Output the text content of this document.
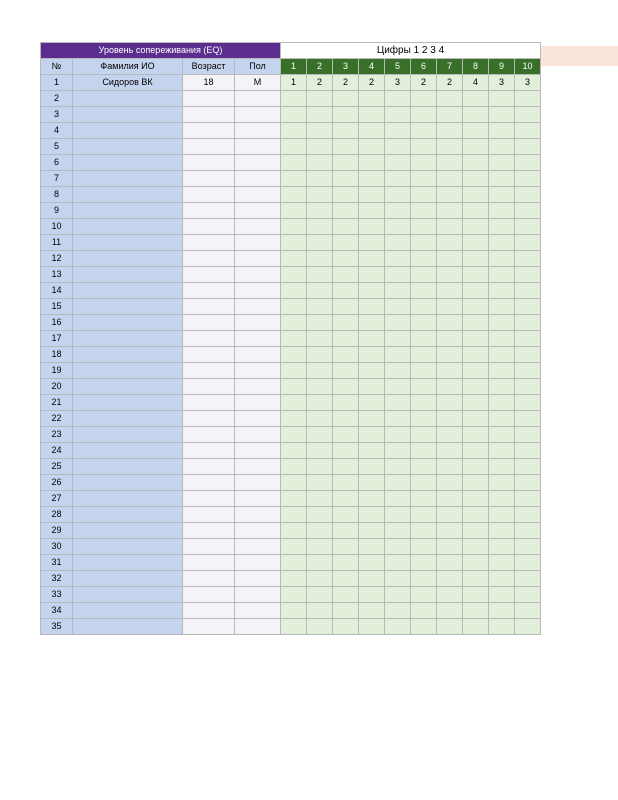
Уровень сопереживания (EQ)				Цифры 1 2 3 4									
№	Фамилия ИО	Возраст	Пол	1	2	3	4	5	6	7	8	9	10
1	Сидоров ВК	18	М	1	2	2	2	3	2	2	4	3	3
2													
3													
4													
5													
6													
7													
8													
9													
10													
11													
12													
13													
14													
15													
16													
17													
18													
19													
20													
21													
22													
23													
24													
25													
26													
27													
28													
29													
30													
31													
32													
33													
34													
35													
